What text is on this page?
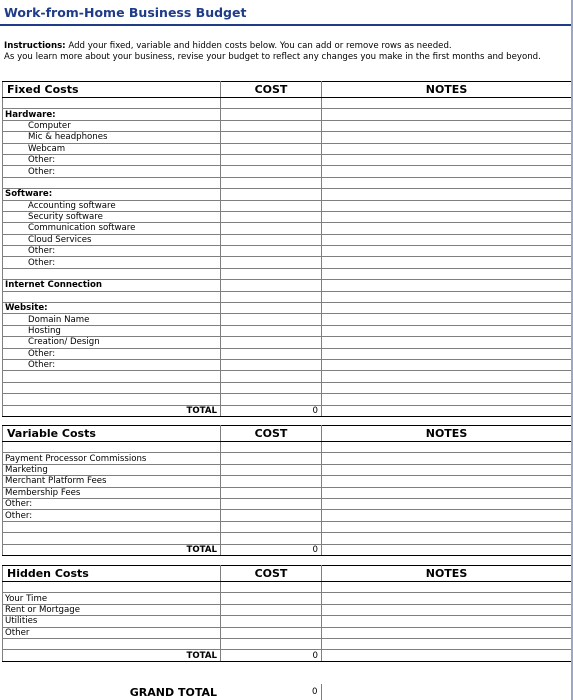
Work-from-Home Business Budget
Instructions: Add your fixed, variable and hidden costs below. You can add or remove rows as needed.
As you learn more about your business, revise your budget to reflect any changes you make in the first months and beyond.
Fixed Costs	COST	NOTES

Hardware:		
Computer		
Mic & headphones		
Webcam		
Other:		
Other:		

Software:		
Accounting software		
Security software		
Communication software		
Cloud Services		
Other:		
Other:		

Internet Connection		

Website:		
Domain Name		
Hosting		
Creation/ Design		
Other:		
Other:		

TOTAL	0	
Variable Costs	COST	NOTES

Payment Processor Commissions		
Marketing		
Merchant Platform Fees		
Membership Fees		
Other:		
Other:		

TOTAL	0	
Hidden Costs	COST	NOTES

Your Time		
Rent or Mortgage		
Utilities		
Other		

TOTAL	0	
GRAND TOTAL	0	
